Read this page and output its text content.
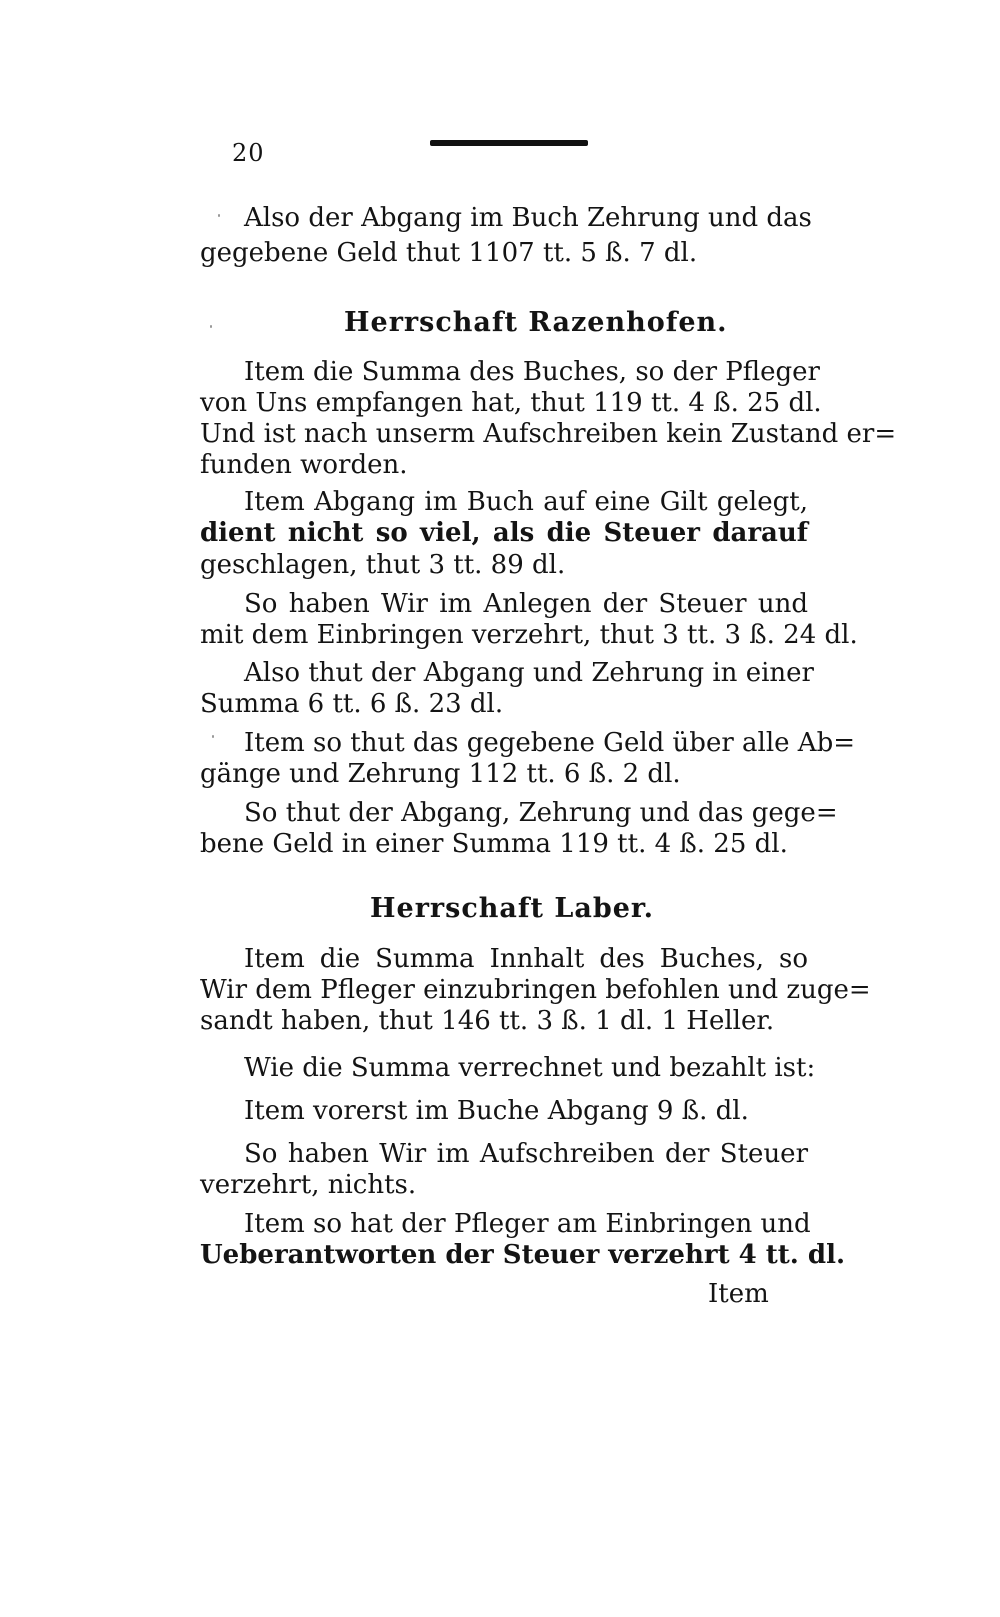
20
Also der Abgang im Buch Zehrung und das
gegebene Geld thut 1107 tt. 5 ß. 7 dl.
Herrschaft Razenhofen.
Item die Summa des Buches, so der Pfleger
von Uns empfangen hat, thut 119 tt. 4 ß. 25 dl.
Und ist nach unserm Aufschreiben kein Zustand er=
funden worden.
Item Abgang im Buch auf eine Gilt gelegt,
dient nicht so viel, als die Steuer darauf
geschlagen, thut 3 tt. 89 dl.
So haben Wir im Anlegen der Steuer und
mit dem Einbringen verzehrt, thut 3 tt. 3 ß. 24 dl.
Also thut der Abgang und Zehrung in einer
Summa 6 tt. 6 ß. 23 dl.
Item so thut das gegebene Geld über alle Ab=
gänge und Zehrung 112 tt. 6 ß. 2 dl.
So thut der Abgang, Zehrung und das gege=
bene Geld in einer Summa 119 tt. 4 ß. 25 dl.
Herrschaft Laber.
Item die Summa Innhalt des Buches, so
Wir dem Pfleger einzubringen befohlen und zuge=
sandt haben, thut 146 tt. 3 ß. 1 dl. 1 Heller.
Wie die Summa verrechnet und bezahlt ist:
Item vorerst im Buche Abgang 9 ß. dl.
So haben Wir im Aufschreiben der Steuer
verzehrt, nichts.
Item so hat der Pfleger am Einbringen und
Ueberantworten der Steuer verzehrt 4 tt. dl.
Item
